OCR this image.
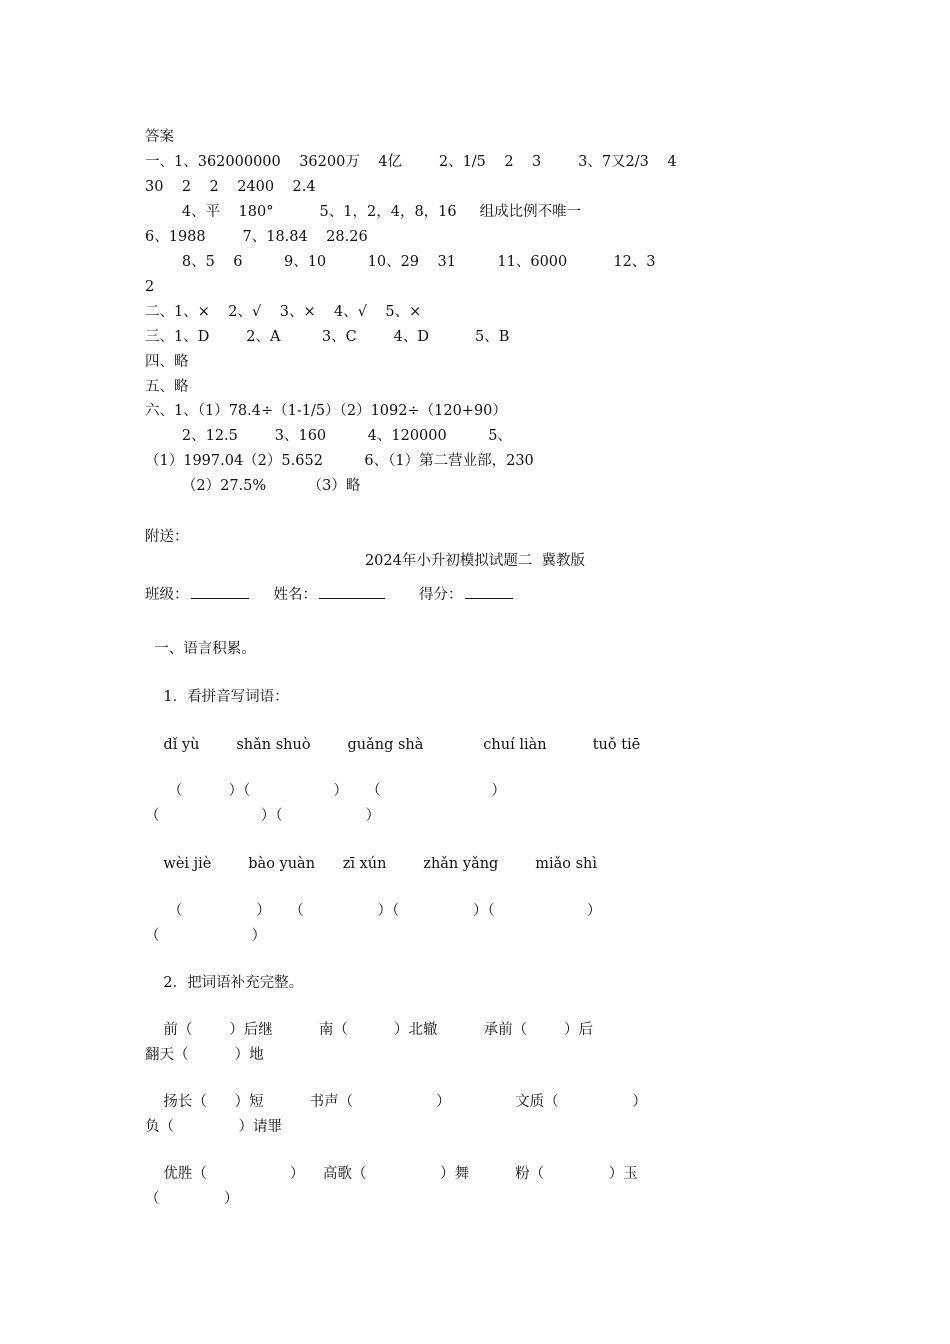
答案
一、1、362000000    36200万    4亿        2、1/5    2    3        3、7又2/3    4
30    2    2    2400    2.4
4、平    180°          5、1，2，4，8，16     组成比例不唯一
6、1988        7、18.84    28.26
8、5    6         9、10         10、29    31         11、6000          12、3
2
二、1、×    2、√    3、×    4、√    5、×
三、1、D        2、A         3、C        4、D          5、B
四、略
五、略
六、1、（1）78.4÷（1-1/5）（2）1092÷（120+90）
2、12.5        3、160         4、120000         5、
（1）1997.04（2）5.652         6、（1）第二营业部，230
（2）27.5%         （3）略
附送：
2024年小升初模拟试题二  冀教版
班级：	姓名：	得分：
一、语言积累。
1．看拼音写词语：
dǐ yù        shǎn shuò        guǎng shà             chuí liàn          tuǒ tiē
（          ）（                  ）    （                        ）
（                      ）（                  ）
wèi jiè        bào yuàn      zī xún        zhǎn yǎng        miǎo shì
（                ）    （                ）（                ）（                    ）
（                    ）
2．把词语补充完整。
前（        ）后继          南（          ）北辙          承前（        ）后
翻天（          ）地
扬长（      ）短          书声（                  ）              文质（                ）
负（              ）请罪
优胜（                  ）    高歌（                ）舞          粉（              ）玉
（              ）
